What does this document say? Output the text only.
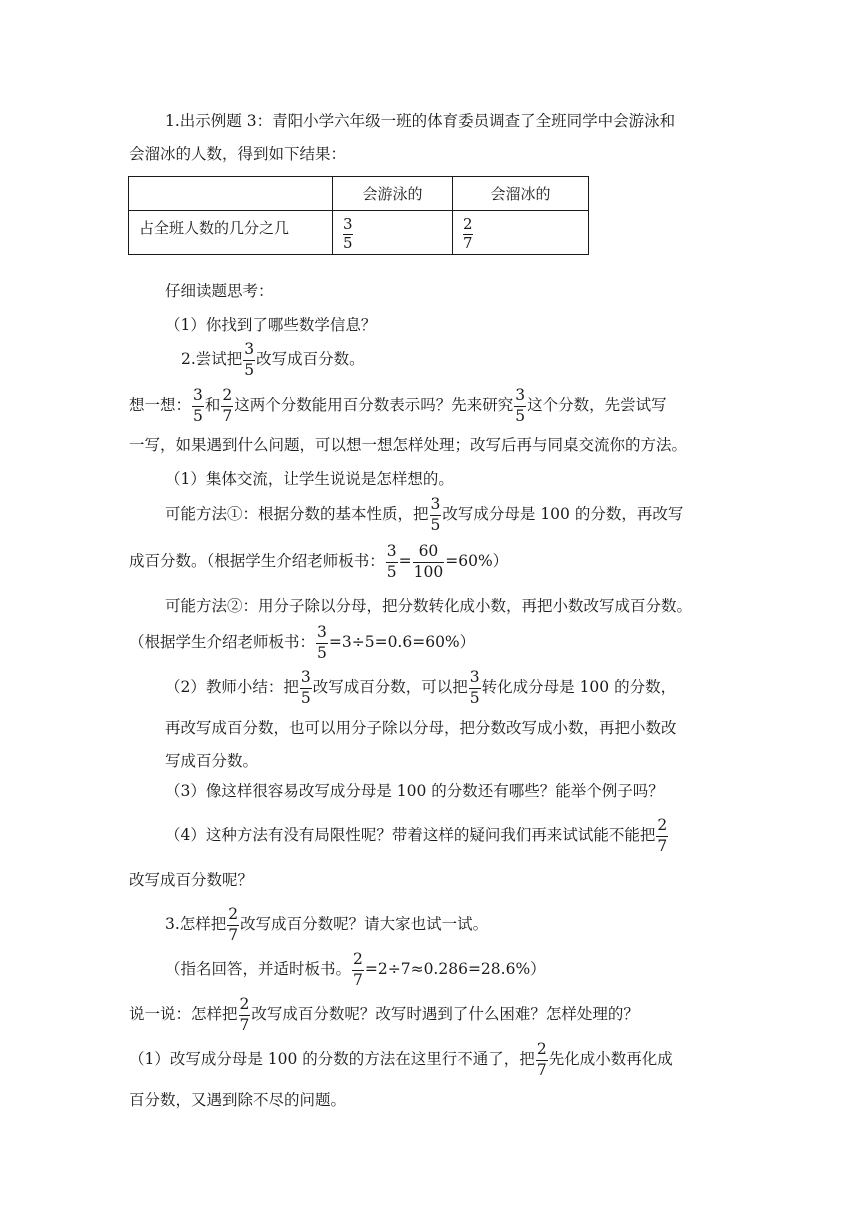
1.出示例题 3：青阳小学六年级一班的体育委员调查了全班同学中会游泳和
会溜冰的人数，得到如下结果：
	会游泳的	会溜冰的
占全班人数的几分之几	$\frac{3}{5}$	$\frac{2}{7}$
仔细读题思考：
（1）你找到了哪些数学信息？
2.尝试把 $\frac{3}{5}$ 改写成百分数。
想一想： $\frac{3}{5}$ 和 $\frac{2}{7}$ 这两个分数能用百分数表示吗？先来研究 $\frac{3}{5}$ 这个分数，先尝试写
一写，如果遇到什么问题，可以想一想怎样处理；改写后再与同桌交流你的方法。
（1）集体交流，让学生说说是怎样想的。
可能方法①：根据分数的基本性质，把 $\frac{3}{5}$ 改写成分母是 100 的分数，再改写
成百分数。（根据学生介绍老师板书： $\frac{3}{5} = \frac{60}{100} =60\%$）
可能方法②：用分子除以分母，把分数转化成小数，再把小数改写成百分数。
（根据学生介绍老师板书： $\frac{3}{5} =3\div 5=0.6=60\%$）
（2）教师小结：把 $\frac{3}{5}$ 改写成百分数，可以把 $\frac{3}{5}$ 转化成分母是 100 的分数，
再改写成百分数，也可以用分子除以分母，把分数改写成小数，再把小数改
写成百分数。
（3）像这样很容易改写成分母是 100 的分数还有哪些？能举个例子吗？
（4）这种方法有没有局限性呢？带着这样的疑问我们再来试试能不能把 $\frac{2}{7}$
改写成百分数呢？
3.怎样把 $\frac{2}{7}$ 改写成百分数呢？请大家也试一试。
（指名回答，并适时板书。 $\frac{2}{7} =2\div 7\approx 0.286=28.6\%$）
说一说：怎样把 $\frac{2}{7}$ 改写成百分数呢？改写时遇到了什么困难？怎样处理的？
（1）改写成分母是 100 的分数的方法在这里行不通了，把 $\frac{2}{7}$ 先化成小数再化成
百分数，又遇到除不尽的问题。
